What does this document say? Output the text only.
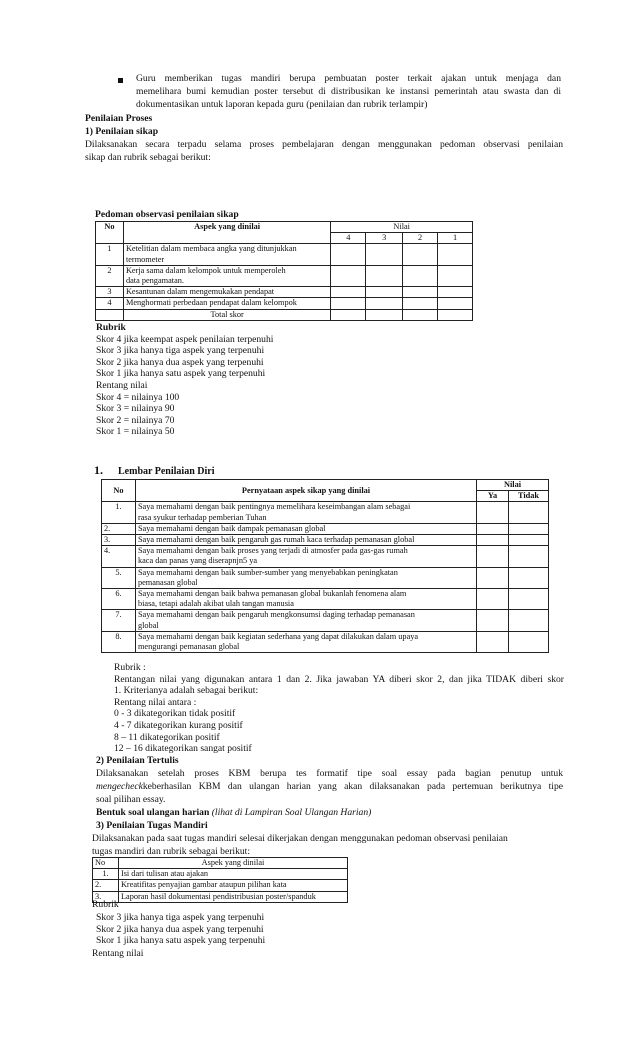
Guru memberikan tugas mandiri berupa pembuatan poster terkait ajakan untuk menjaga dan
memelihara bumi kemudian poster tersebut di distribusikan ke instansi pemerintah atau swasta dan di
dokumentasikan untuk laporan kepada guru (penilaian dan rubrik terlampir)
Penilaian Proses
1) Penilaian sikap
Dilaksanakan secara terpadu selama proses pembelajaran dengan menggunakan pedoman observasi penilaian
sikap dan rubrik sebagai berikut:
Pedoman observasi penilaian sikap
No	Aspek yang dinilai	Nilai			
		4	3	2	1
1	Ketelitian dalam membaca angka yang ditunjukkan
termometer				

2	Kerja sama dalam kelompok untuk memperoleh
data pengamatan.				

3	Kesantunan dalam mengemukakan pendapat				
4	Menghormati perbedaan pendapat dalam kelompok				
	Total skor				
Rubrik
Skor 4 jika keempat aspek penilaian terpenuhi
Skor 3 jika hanya tiga aspek yang terpenuhi
Skor 2 jika hanya dua aspek yang terpenuhi
Skor 1 jika hanya satu aspek yang terpenuhi
Rentang nilai
Skor 4 = nilainya 100
Skor 3 = nilainya 90
Skor 2 = nilainya 70
Skor 1 = nilainya 50
1. Lembar Penilaian Diri
No	Pernyataan aspek sikap yang dinilai	Nilai	
		Ya	Tidak
1.	Saya memahami dengan baik pentingnya memelihara keseimbangan alam sebagai
rasa syukur terhadap pemberian Tuhan		

2.	Saya memahami dengan baik dampak pemanasan global		
3.	Saya memahami dengan baik pengaruh gas rumah kaca terhadap pemanasan global		
4.	Saya memahami dengan baik proses yang terjadi di atmosfer pada gas-gas rumah
kaca dan panas yang diserapnjn5 ya		

5.	Saya memahami dengan baik sumber-sumber yang menyebabkan peningkatan
pemanasan global		

6.	Saya memahami dengan baik bahwa pemanasan global bukanlah fenomena alam
biasa, tetapi adalah akibat ulah tangan manusia		

7.	Saya memahami dengan baik pengaruh mengkonsumsi daging terhadap pemanasan
global		

8.	Saya memahami dengan baik kegiatan sederhana yang dapat dilakukan dalam upaya
mengurangi pemanasan global		

Rubrik :
Rentangan nilai yang digunakan antara 1 dan 2. Jika jawaban YA diberi skor 2, dan jika TIDAK diberi skor
1. Kriterianya adalah sebagai berikut:
Rentang nilai antara :
0 - 3 dikategorikan tidak positif
4 - 7 dikategorikan kurang positif
8 – 11 dikategorikan positif
12 – 16 dikategorikan sangat positif
2) Penilaian Tertulis
Dilaksanakan setelah proses KBM berupa tes formatif tipe soal essay pada bagian penutup untuk
mengecheckkeberhasilan KBM dan ulangan harian yang akan dilaksanakan pada pertemuan berikutnya tipe
soal pilihan essay.
Bentuk soal ulangan harian (lihat di Lampiran Soal Ulangan Harian)
3) Penilaian Tugas Mandiri
Dilaksanakan pada saat tugas mandiri selesai dikerjakan dengan menggunakan pedoman observasi penilaian
tugas mandiri dan rubrik sebagai berikut:
No	Aspek yang dinilai
1.	Isi dari tulisan atau ajakan
2.	Kreatifitas penyajian gambar ataupun pilihan kata
3.	Laporan hasil dokumentasi pendistribusian poster/spanduk
Rubrik
Skor 3 jika hanya tiga aspek yang terpenuhi
Skor 2 jika hanya dua aspek yang terpenuhi
Skor 1 jika hanya satu aspek yang terpenuhi
Rentang nilai
